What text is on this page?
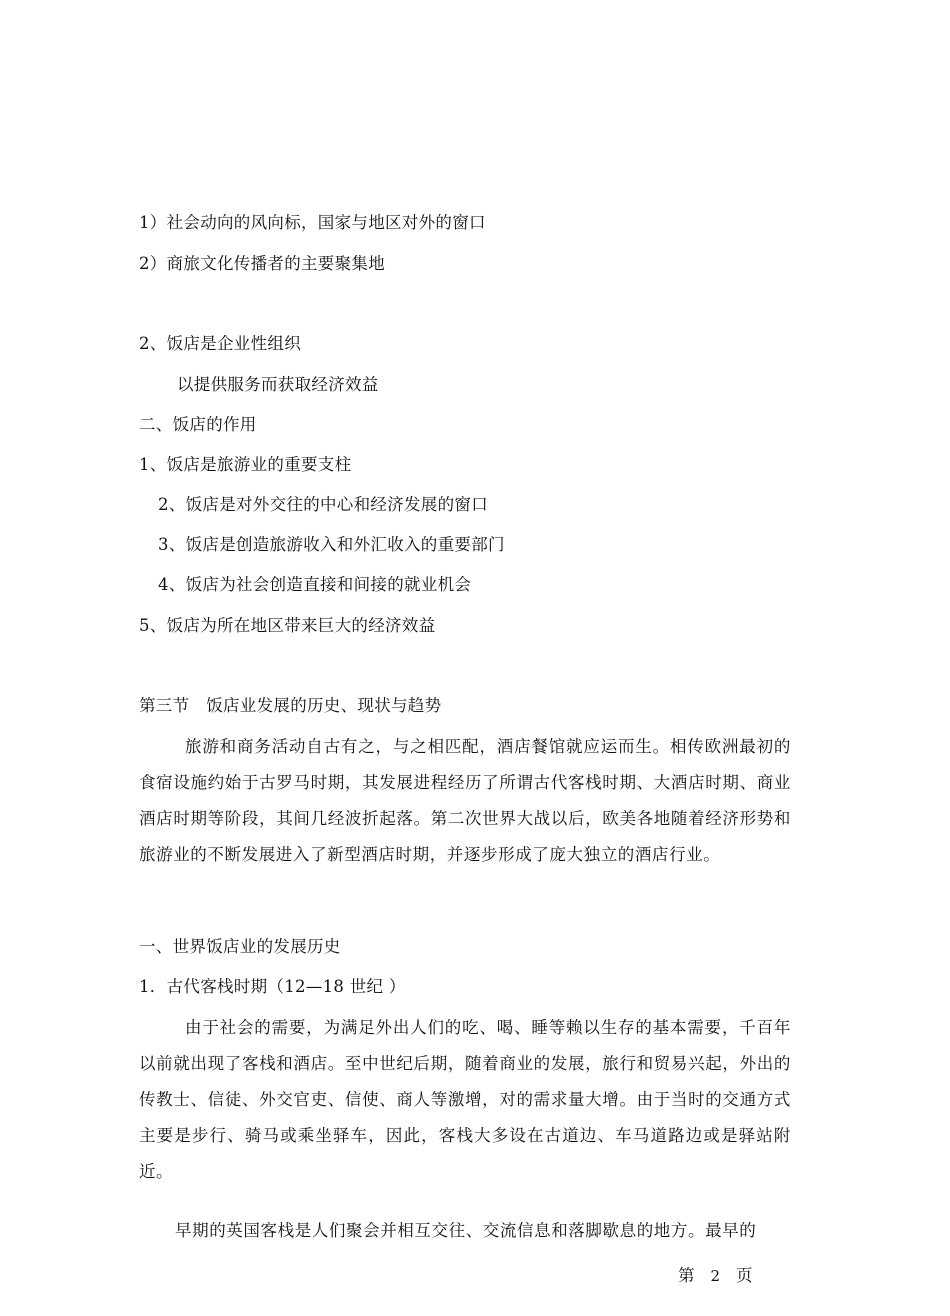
1）社会动向的风向标，国家与地区对外的窗口
2）商旅文化传播者的主要聚集地
2、饭店是企业性组织
以提供服务而获取经济效益
二、饭店的作用
1、饭店是旅游业的重要支柱
2、饭店是对外交往的中心和经济发展的窗口
3、饭店是创造旅游收入和外汇收入的重要部门
4、饭店为社会创造直接和间接的就业机会
5、饭店为所在地区带来巨大的经济效益
第三节　饭店业发展的历史、现状与趋势
旅游和商务活动自古有之，与之相匹配，酒店餐馆就应运而生。相传欧洲最初的食宿设施约始于古罗马时期，其发展进程经历了所谓古代客栈时期、大酒店时期、商业酒店时期等阶段，其间几经波折起落。第二次世界大战以后，欧美各地随着经济形势和旅游业的不断发展进入了新型酒店时期，并逐步形成了庞大独立的酒店行业。
一、世界饭店业的发展历史
1．古代客栈时期（12—18 世纪 ）
由于社会的需要，为满足外出人们的吃、喝、睡等赖以生存的基本需要，千百年以前就出现了客栈和酒店。至中世纪后期，随着商业的发展，旅行和贸易兴起，外出的传教士、信徒、外交官吏、信使、商人等激增，对的需求量大增。由于当时的交通方式主要是步行、骑马或乘坐驿车，因此，客栈大多设在古道边、车马道路边或是驿站附近。
早期的英国客栈是人们聚会并相互交往、交流信息和落脚歇息的地方。最早的
第 2 页
